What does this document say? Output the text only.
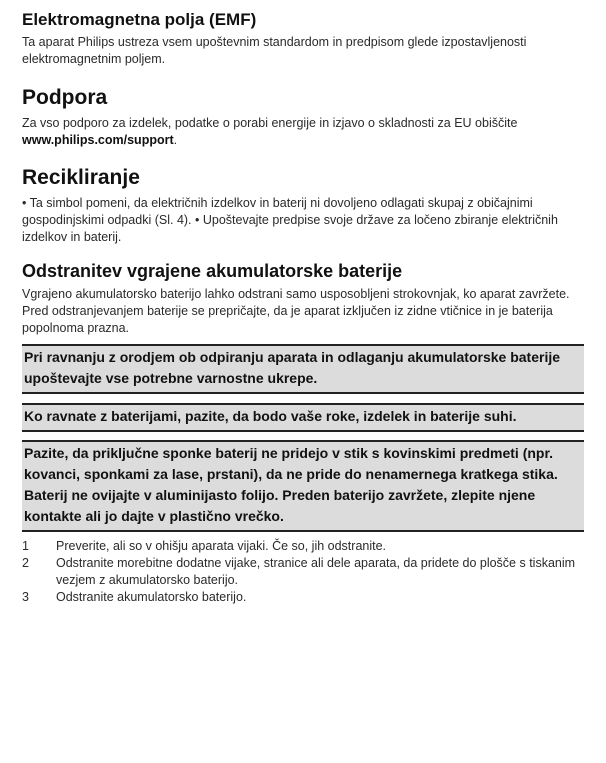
Elektromagnetna polja (EMF)

Ta aparat Philips ustreza vsem upoštevnim standardom in predpisom glede izpostavljenosti elektromagnetnim poljem.

Podpora

Za vso podporo za izdelek, podatke o porabi energije in izjavo o skladnosti za EU obiščite www.philips.com/support.

Recikliranje

• Ta simbol pomeni, da električnih izdelkov in baterij ni dovoljeno odlagati skupaj z običajnimi gospodinjskimi odpadki (Sl. 4). • Upoštevajte predpise svoje države za ločeno zbiranje električnih izdelkov in baterij.

Odstranitev vgrajene akumulatorske baterije

Vgrajeno akumulatorsko baterijo lahko odstrani samo usposobljeni strokovnjak, ko aparat zavržete. Pred odstranjevanjem baterije se prepričajte, da je aparat izključen iz zidne vtičnice in je baterija popolnoma prazna.

Pri ravnanju z orodjem ob odpiranju aparata in odlaganju akumulatorske baterije upoštevajte vse potrebne varnostne ukrepe.
Ko ravnate z baterijami, pazite, da bodo vaše roke, izdelek in baterije suhi.
Pazite, da priključne sponke baterij ne pridejo v stik s kovinskimi predmeti (npr. kovanci, sponkami za lase, prstani), da ne pride do nenamernega kratkega stika. Baterij ne ovijajte v aluminijasto folijo. Preden baterijo zavržete, zlepite njene kontakte ali jo dajte v plastično vrečko.
1	Preverite, ali so v ohišju aparata vijaki. Če so, jih odstranite.
2	Odstranite morebitne dodatne vijake, stranice ali dele aparata, da pridete do plošče s tiskanim vezjem z akumulatorsko baterijo.
3	Odstranite akumulatorsko baterijo.
